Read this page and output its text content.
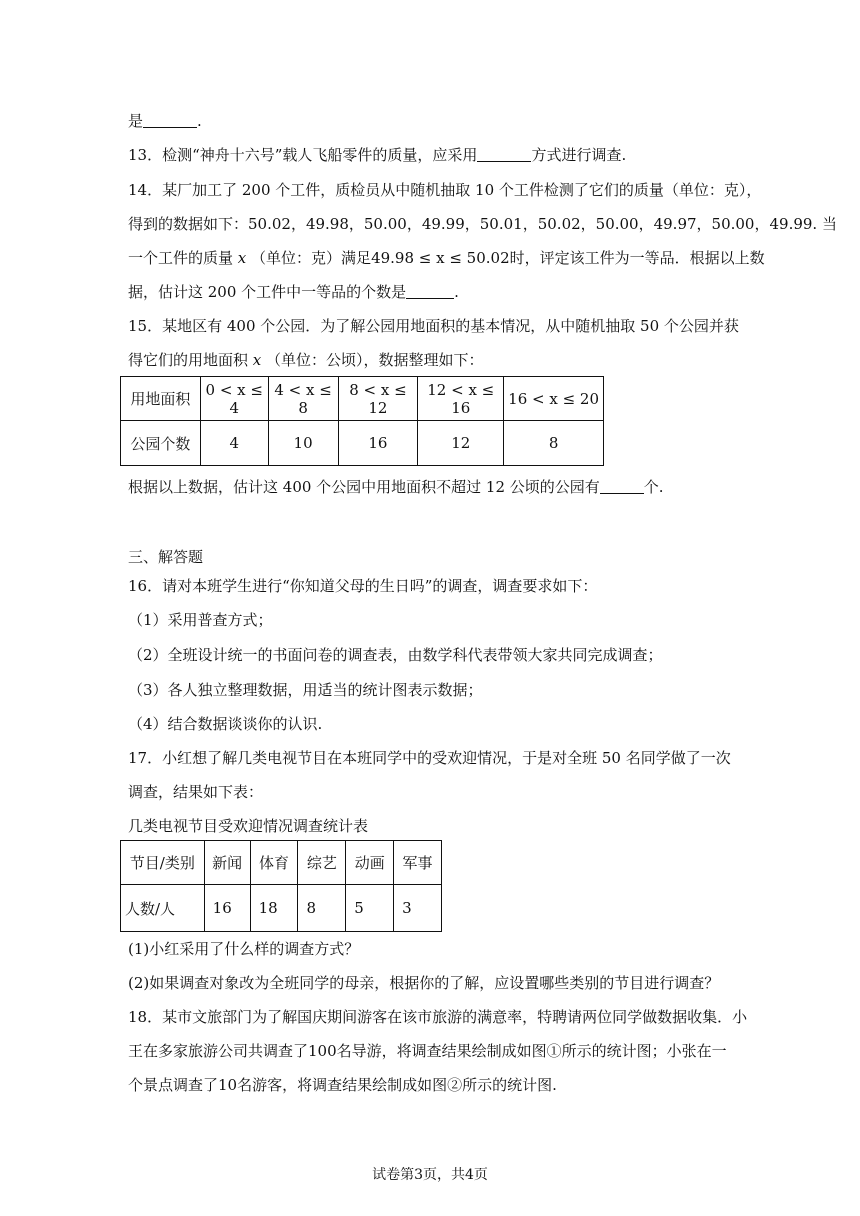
是	.
13．检测“神舟十六号”载人飞船零件的质量，应采用	方式进行调查.
14．某厂加工了 200 个工件，质检员从中随机抽取 10 个工件检测了它们的质量（单位：克），
得到的数据如下：50.02，49.98，50.00，49.99，50.01，50.02，50.00，49.97，50.00，49.99. 当
一个工件的质量 x （单位：克）满足49.98 ≤ x ≤ 50.02时，评定该工件为一等品．根据以上数
据，估计这 200 个工件中一等品的个数是	.
15．某地区有 400 个公园．为了解公园用地面积的基本情况，从中随机抽取 50 个公园并获
得它们的用地面积 x （单位：公顷），数据整理如下：
用地面积	0 < x ≤ 4	4 < x ≤ 8	8 < x ≤ 12	12 < x ≤ 16	16 < x ≤ 20
公园个数	4	10	16	12	8
根据以上数据，估计这 400 个公园中用地面积不超过 12 公顷的公园有	个.
三、解答题
16．请对本班学生进行“你知道父母的生日吗”的调查，调查要求如下：
（1）采用普查方式；
（2）全班设计统一的书面问卷的调查表，由数学科代表带领大家共同完成调查；
（3）各人独立整理数据，用适当的统计图表示数据；
（4）结合数据谈谈你的认识.
17．小红想了解几类电视节目在本班同学中的受欢迎情况，于是对全班 50 名同学做了一次
调查，结果如下表：
几类电视节目受欢迎情况调查统计表
节目/类别	新闻	体育	综艺	动画	军事
人数/人	16	18	8	5	3
(1)小红采用了什么样的调查方式？
(2)如果调查对象改为全班同学的母亲，根据你的了解，应设置哪些类别的节目进行调查？
18．某市文旅部门为了解国庆期间游客在该市旅游的满意率，特聘请两位同学做数据收集．小
王在多家旅游公司共调查了100名导游，将调查结果绘制成如图①所示的统计图；小张在一
个景点调查了10名游客，将调查结果绘制成如图②所示的统计图.
试卷第3页，共4页
